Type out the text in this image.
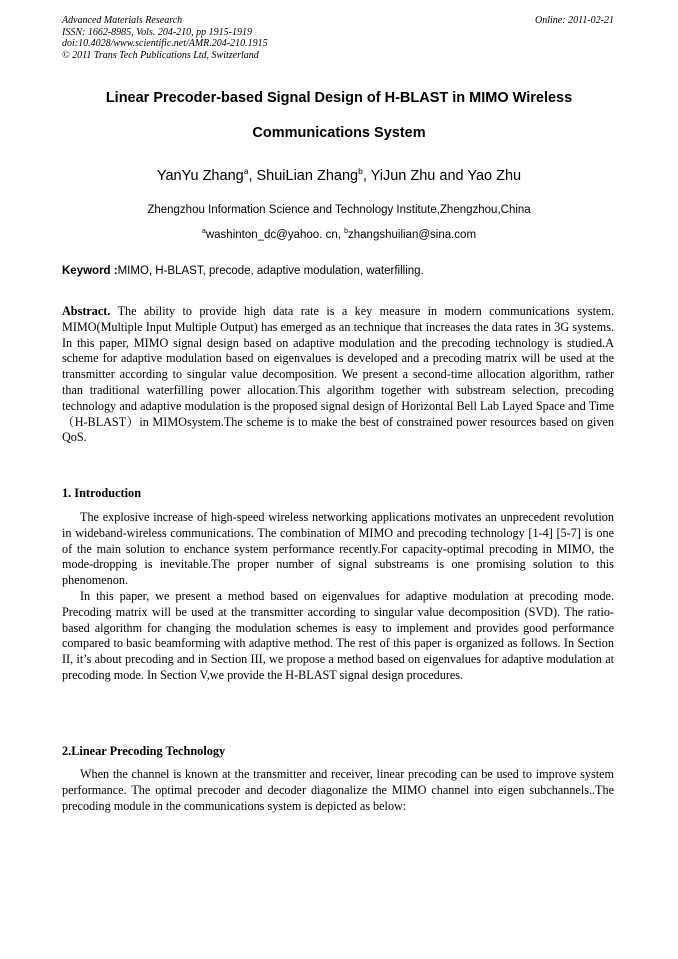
Advanced Materials Research
ISSN: 1662-8985, Vols. 204-210, pp 1915-1919
doi:10.4028/www.scientific.net/AMR.204-210.1915
© 2011 Trans Tech Publications Ltd, Switzerland
Online: 2011-02-21
Linear Precoder-based Signal Design of H-BLAST in MIMO Wireless
Communications System
YanYu Zhang$^a$, ShuiLian Zhang$^b$, YiJun Zhu and Yao Zhu
Zhengzhou Information Science and Technology Institute,Zhengzhou,China
$^a$washinton_dc@yahoo. cn, $^b$zhangshuilian@sina.com
Keyword :MIMO, H-BLAST, precode, adaptive modulation, waterfilling.
Abstract. The ability to provide high data rate is a key measure in modern communications system. MIMO(Multiple Input Multiple Output) has emerged as an technique that increases the data rates in 3G systems. In this paper, MIMO signal design based on adaptive modulation and the precoding technology is studied.A scheme for adaptive modulation based on eigenvalues is developed and a precoding matrix will be used at the transmitter according to singular value decomposition. We present a second-time allocation algorithm, rather than traditional waterfilling power allocation.This algorithm together with substream selection, precoding technology and adaptive modulation is the proposed signal design of Horizontal Bell Lab Layed Space and Time （H-BLAST）in MIMOsystem.The scheme is to make the best of constrained power resources based on given QoS.
1. Introduction

The explosive increase of high-speed wireless networking applications motivates an unprecedent revolution in wideband-wireless communications. The combination of MIMO and precoding technology [1-4] [5-7] is one of the main solution to enchance system performance recently.For capacity-optimal precoding in MIMO, the mode-dropping is inevitable.The proper number of signal substreams is one promising solution to this phenomenon.

In this paper, we present a method based on eigenvalues for adaptive modulation at precoding mode. Precoding matrix will be used at the transmitter according to singular value decomposition (SVD). The ratio-based algorithm for changing the modulation schemes is easy to implement and provides good performance compared to basic beamforming with adaptive method. The rest of this paper is organized as follows. In Section II, it’s about precoding and in Section III, we propose a method based on eigenvalues for adaptive modulation at precoding mode. In Section V,we provide the H-BLAST signal design procedures.

2.Linear Precoding Technology

When the channel is known at the transmitter and receiver, linear precoding can be used to improve system performance. The optimal precoder and decoder diagonalize the MIMO channel into eigen subchannels..The precoding module in the communications system is depicted as below:
